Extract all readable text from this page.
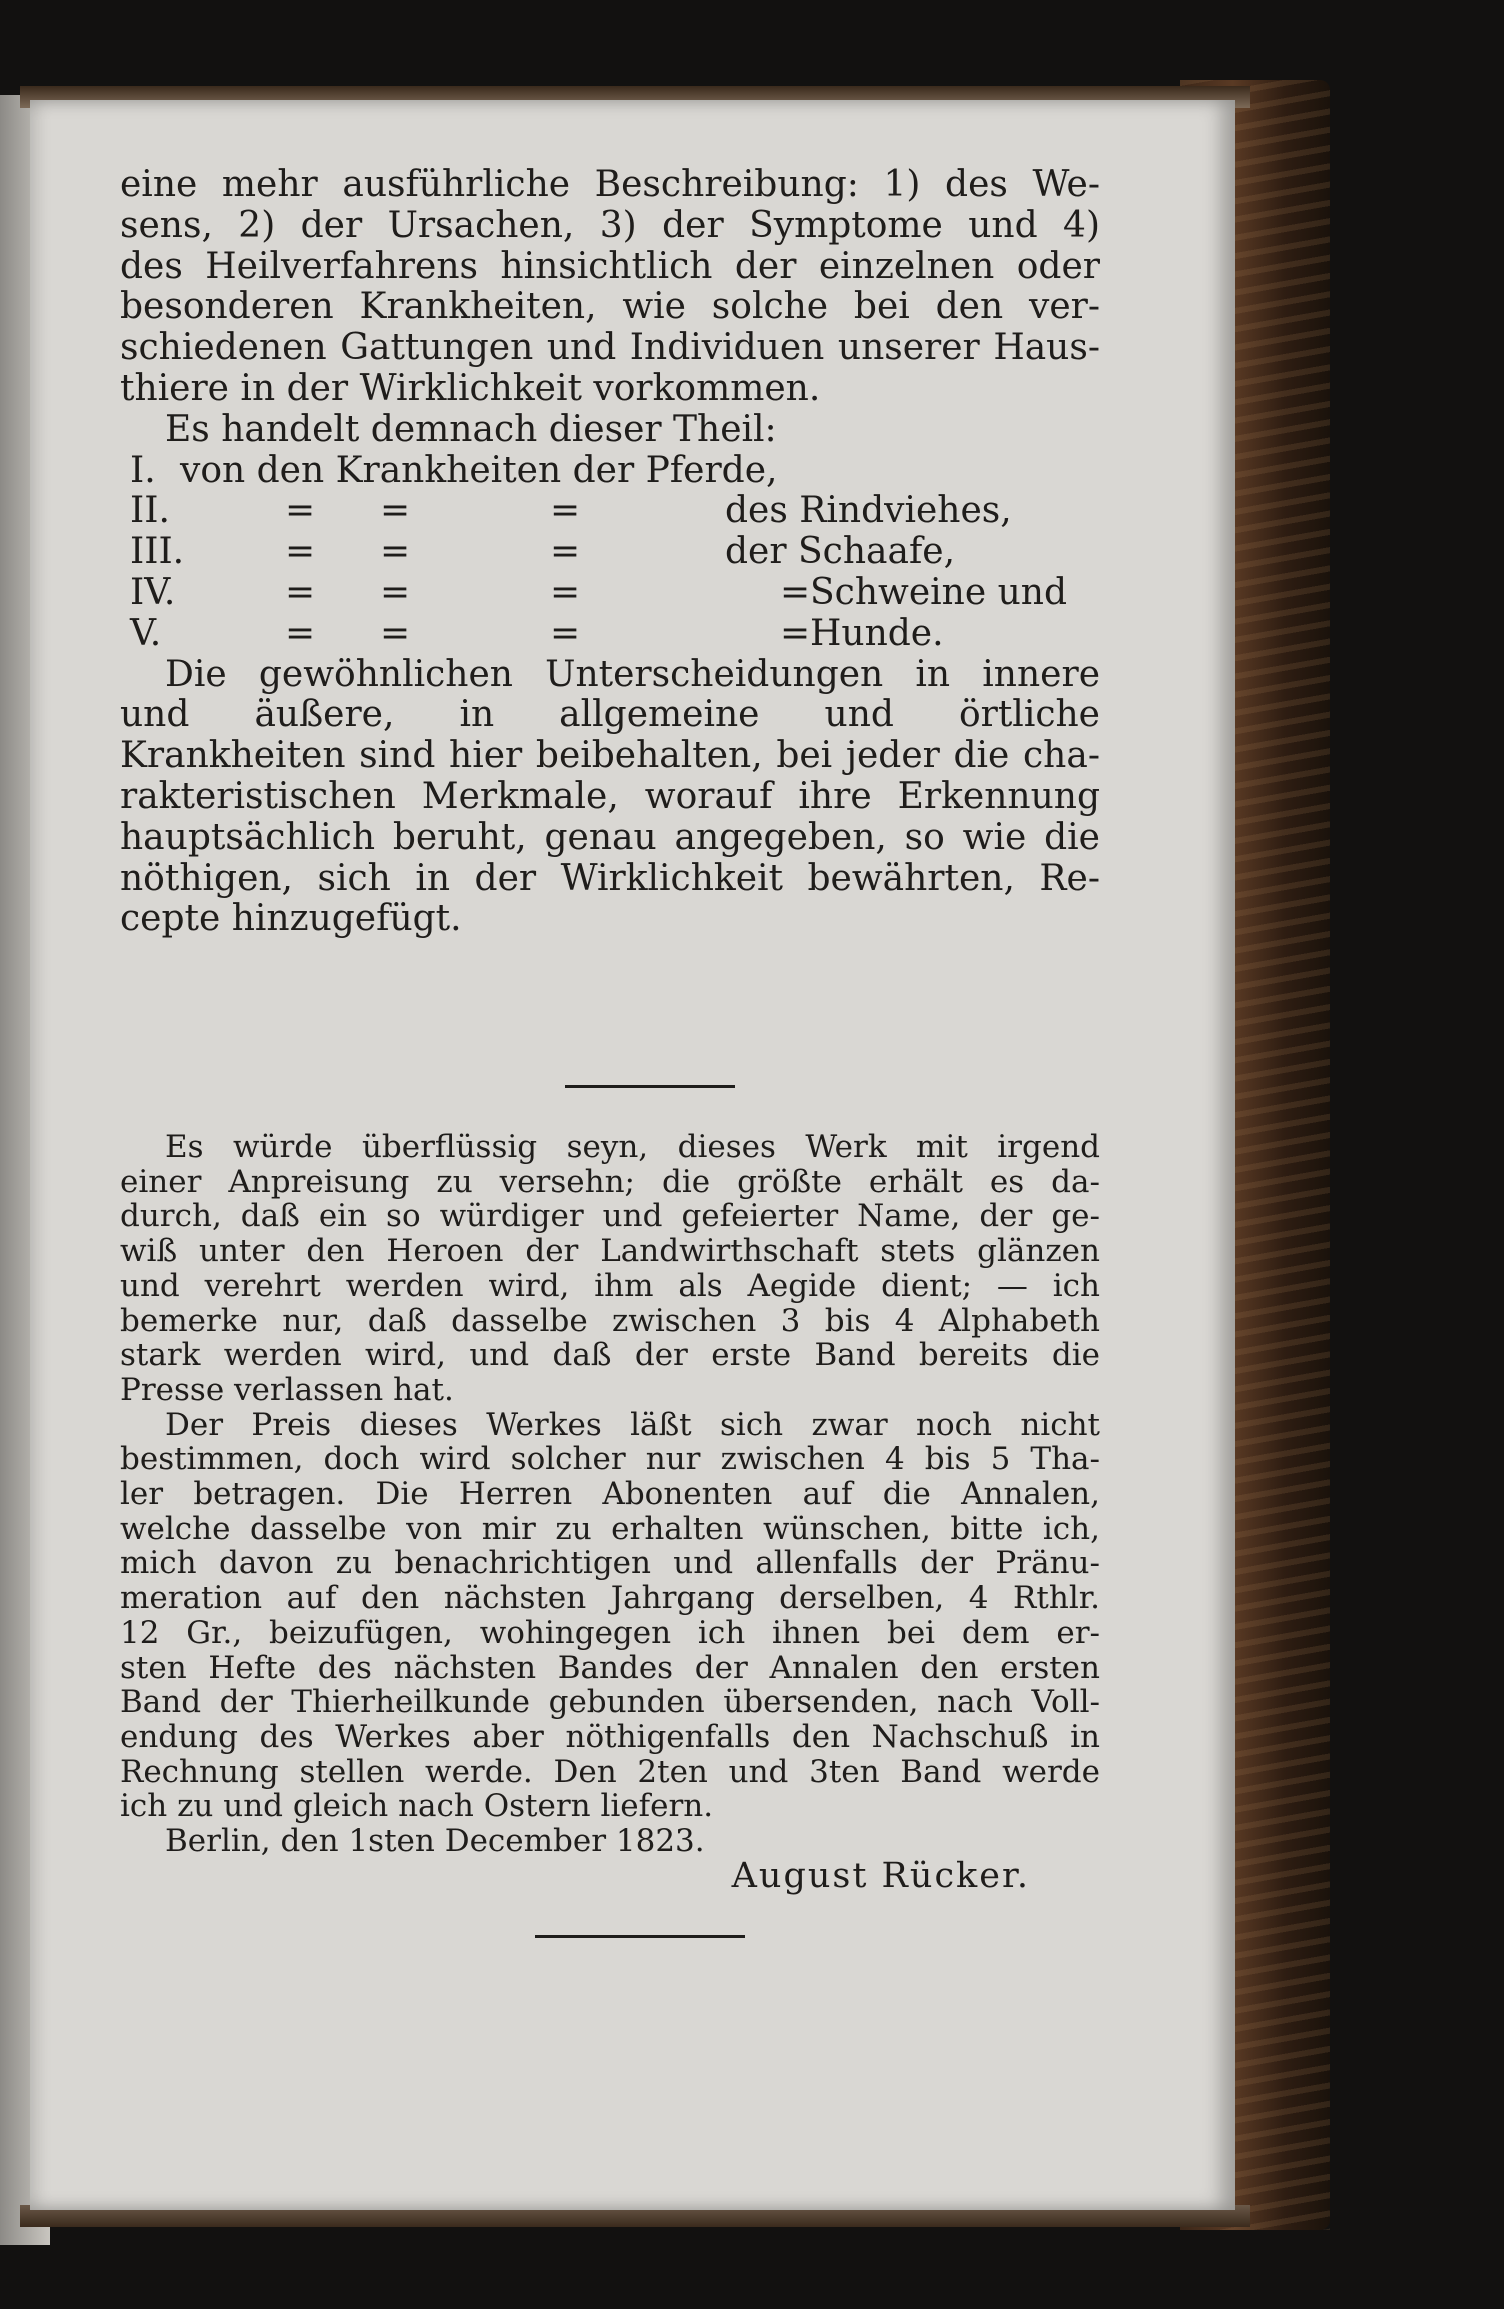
eine mehr ausführliche Beschreibung: 1) des We-
sens, 2) der Ursachen, 3) der Symptome und 4)
des Heilverfahrens hinsichtlich der einzelnen oder
besonderen Krankheiten, wie solche bei den ver-
schiedenen Gattungen und Individuen unserer Haus-
thiere in der Wirklichkeit vorkommen.

Es handelt demnach dieser Theil:

I. von den Krankheiten der Pferde,
II.	= =	=	des Rindviehes,
III.	= =	=	der Schaafe,
IV.	= =	=	= Schweine und
V.	= =	=	= Hunde.

Die gewöhnlichen Unterscheidungen in innere
und äußere, in allgemeine und örtliche
Krankheiten sind hier beibehalten, bei jeder die cha-
rakteristischen Merkmale, worauf ihre Erkennung
hauptsächlich beruht, genau angegeben, so wie die
nöthigen, sich in der Wirklichkeit bewährten, Re-
cepte hinzugefügt.

Es würde überflüssig seyn, dieses Werk mit irgend
einer Anpreisung zu versehn; die größte erhält es da-
durch, daß ein so würdiger und gefeierter Name, der ge-
wiß unter den Heroen der Landwirthschaft stets glänzen
und verehrt werden wird, ihm als Aegide dient; — ich
bemerke nur, daß dasselbe zwischen 3 bis 4 Alphabeth
stark werden wird, und daß der erste Band bereits die
Presse verlassen hat.

Der Preis dieses Werkes läßt sich zwar noch nicht
bestimmen, doch wird solcher nur zwischen 4 bis 5 Tha-
ler betragen. Die Herren Abonenten auf die Annalen,
welche dasselbe von mir zu erhalten wünschen, bitte ich,
mich davon zu benachrichtigen und allenfalls der Pränu-
meration auf den nächsten Jahrgang derselben, 4 Rthlr.
12 Gr., beizufügen, wohingegen ich ihnen bei dem er-
sten Hefte des nächsten Bandes der Annalen den ersten
Band der Thierheilkunde gebunden übersenden, nach Voll-
endung des Werkes aber nöthigenfalls den Nachschuß in
Rechnung stellen werde. Den 2ten und 3ten Band werde
ich zu und gleich nach Ostern liefern.

Berlin, den 1sten December 1823.

August Rücker.
